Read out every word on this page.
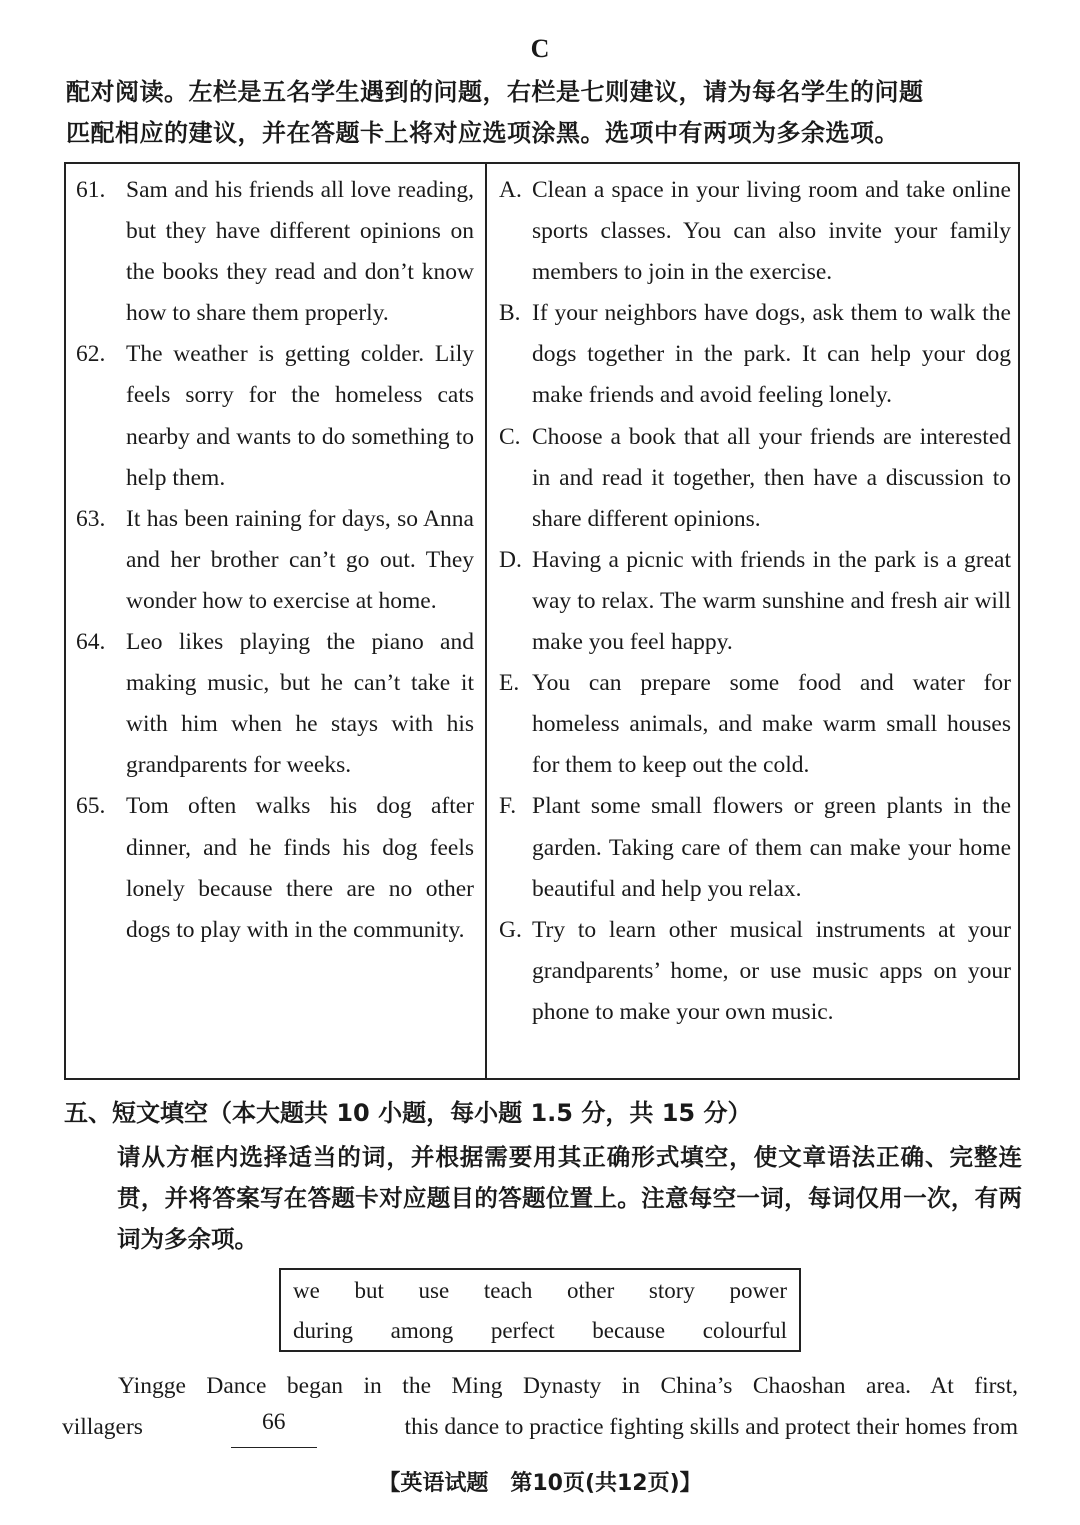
C
配对阅读。左栏是五名学生遇到的问题，右栏是七则建议，请为每名学生的问题
匹配相应的建议，并在答题卡上将对应选项涂黑。选项中有两项为多余选项。
61. Sam and his friends all love reading, but they have different opinions on the books they read and don’t know how to share them properly.
62. The weather is getting colder. Lily feels sorry for the homeless cats nearby and wants to do something to help them.
63. It has been raining for days, so Anna and her brother can’t go out. They wonder how to exercise at home.
64. Leo likes playing the piano and making music, but he can’t take it with him when he stays with his grandparents for weeks.
65. Tom often walks his dog after dinner, and he finds his dog feels lonely because there are no other dogs to play with in the community.
A. Clean a space in your living room and take online sports classes. You can also invite your family members to join in the exercise.
B. If your neighbors have dogs, ask them to walk the dogs together in the park. It can help your dog make friends and avoid feeling lonely.
C. Choose a book that all your friends are interested in and read it together, then have a discussion to share different opinions.
D. Having a picnic with friends in the park is a great way to relax. The warm sunshine and fresh air will make you feel happy.
E. You can prepare some food and water for homeless animals, and make warm small houses for them to keep out the cold.
F. Plant some small flowers or green plants in the garden. Taking care of them can make your home beautiful and help you relax.
G. Try to learn other musical instruments at your grandparents’ home, or use music apps on your phone to make your own music.
五、短文填空（本大题共 10 小题，每小题 1.5 分，共 15 分）
请从方框内选择适当的词，并根据需要用其正确形式填空，使文章语法正确、完整连贯，并将答案写在答题卡对应题目的答题位置上。注意每空一词，每词仅用一次，有两词为多余项。
we but use teach other story power
during among perfect because colourful
Yingge Dance began in the Ming Dynasty in China’s Chaoshan area. At first,
villagers	66	this dance to practice fighting skills and protect their homes from
【英语试题　第10页(共12页)】
